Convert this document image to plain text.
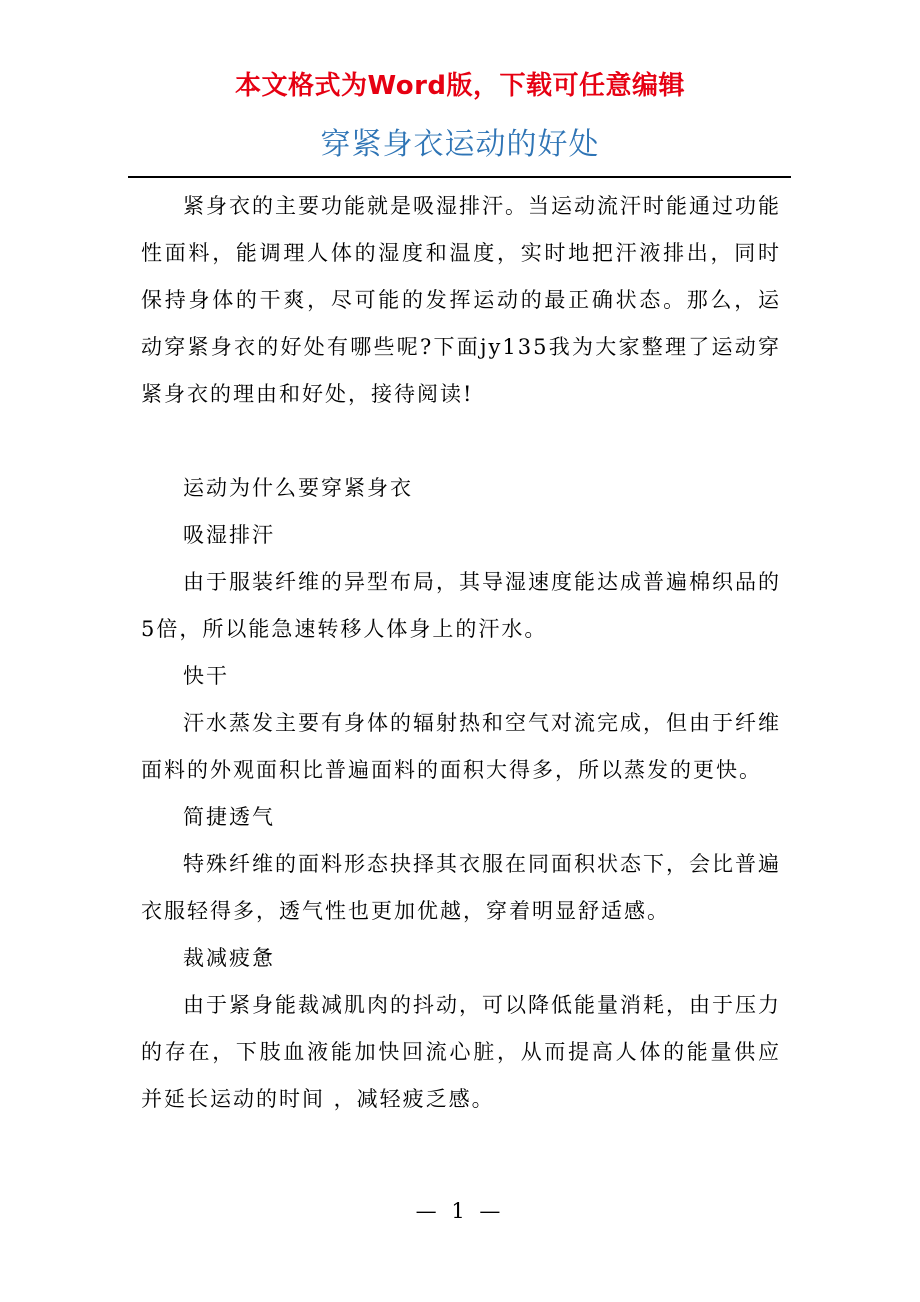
本文格式为Word版，下载可任意编辑
穿紧身衣运动的好处

紧身衣的主要功能就是吸湿排汗。当运动流汗时能通过功能性面料，能调理人体的湿度和温度，实时地把汗液排出，同时保持身体的干爽，尽可能的发挥运动的最正确状态。那么，运动穿紧身衣的好处有哪些呢?下面jy135我为大家整理了运动穿紧身衣的理由和好处，接待阅读!

运动为什么要穿紧身衣

吸湿排汗

由于服装纤维的异型布局，其导湿速度能达成普遍棉织品的5倍，所以能急速转移人体身上的汗水。

快干

汗水蒸发主要有身体的辐射热和空气对流完成，但由于纤维面料的外观面积比普遍面料的面积大得多，所以蒸发的更快。

简捷透气

特殊纤维的面料形态抉择其衣服在同面积状态下，会比普遍衣服轻得多，透气性也更加优越，穿着明显舒适感。

裁减疲惫

由于紧身能裁减肌肉的抖动，可以降低能量消耗，由于压力的存在，下肢血液能加快回流心脏，从而提高人体的能量供应并延长运动的时间 ，减轻疲乏感。

— 1 —
